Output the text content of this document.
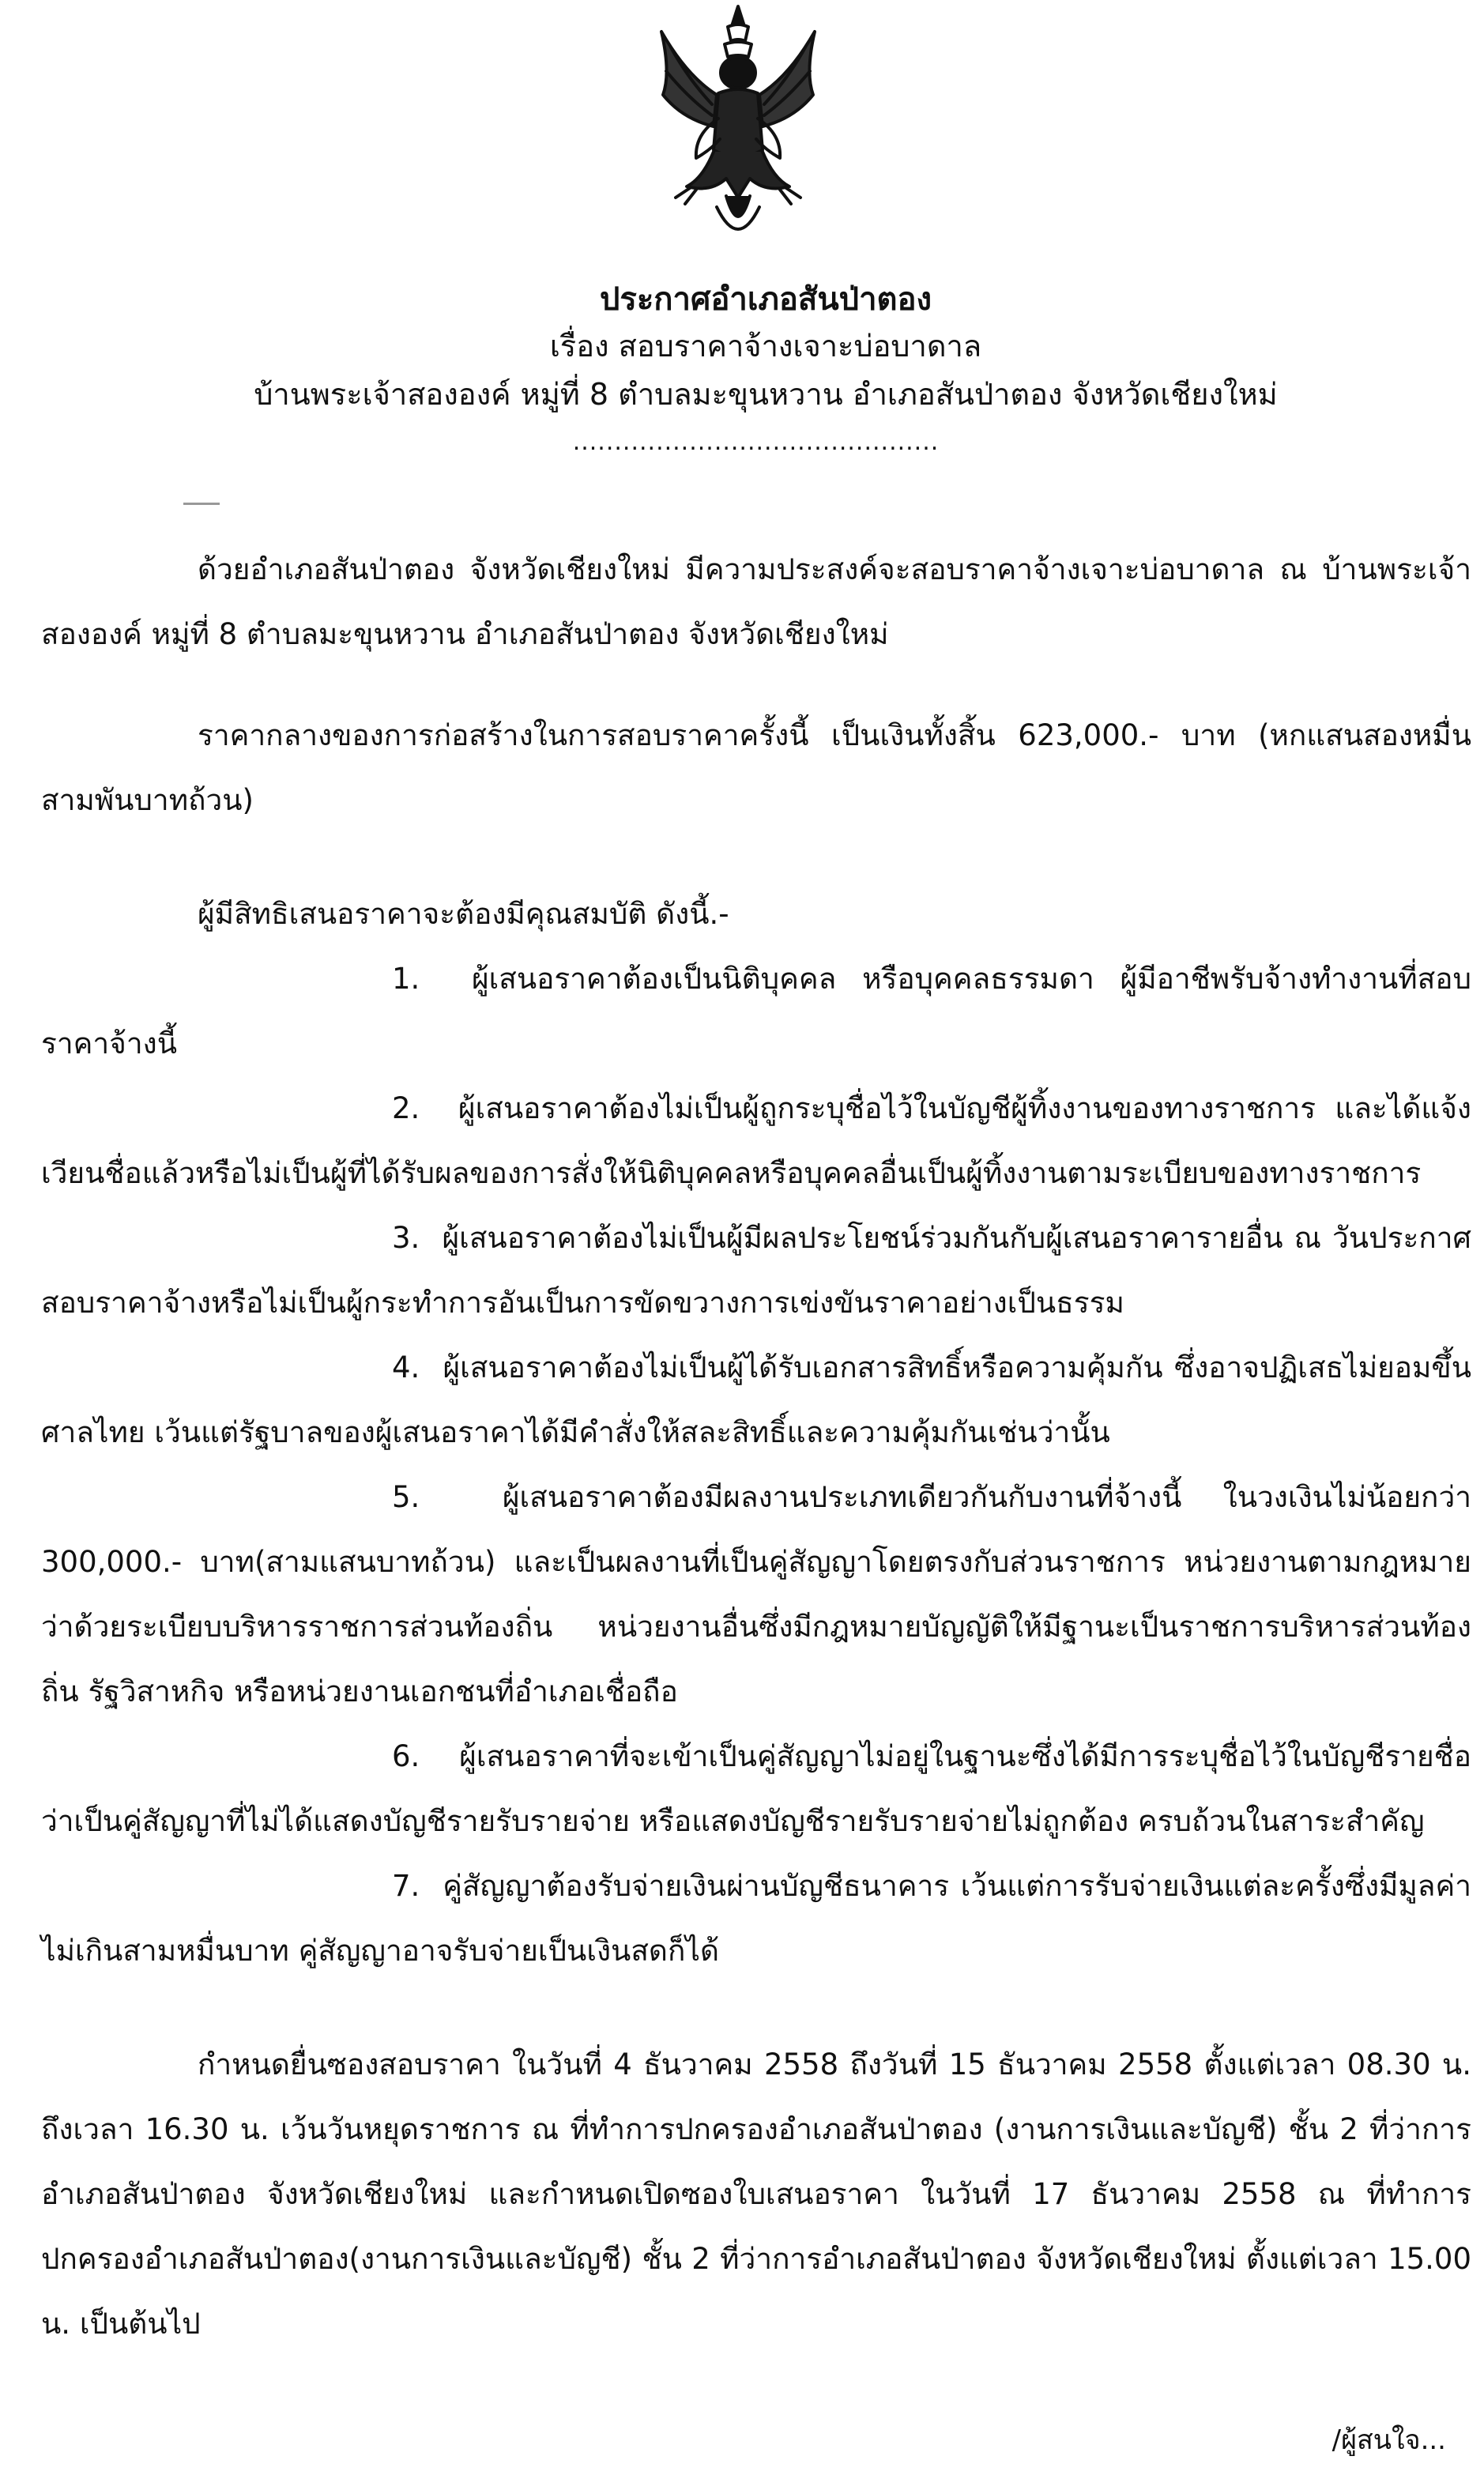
ประกาศอำเภอสันป่าตอง
เรื่อง สอบราคาจ้างเจาะบ่อบาดาล
บ้านพระเจ้าสององค์ หมู่ที่ 8 ตำบลมะขุนหวาน อำเภอสันป่าตอง จังหวัดเชียงใหม่
............................................

ด้วยอำเภอสันป่าตอง จังหวัดเชียงใหม่ มีความประสงค์จะสอบราคาจ้างเจาะบ่อบาดาล ณ บ้านพระเจ้าสององค์ หมู่ที่ 8 ตำบลมะขุนหวาน อำเภอสันป่าตอง จังหวัดเชียงใหม่

ราคากลางของการก่อสร้างในการสอบราคาครั้งนี้ เป็นเงินทั้งสิ้น 623,000.- บาท (หกแสนสองหมื่นสามพันบาทถ้วน)

ผู้มีสิทธิเสนอราคาจะต้องมีคุณสมบัติ ดังนี้.-

1. ผู้เสนอราคาต้องเป็นนิติบุคคล หรือบุคคลธรรมดา ผู้มีอาชีพรับจ้างทำงานที่สอบราคาจ้างนี้

2. ผู้เสนอราคาต้องไม่เป็นผู้ถูกระบุชื่อไว้ในบัญชีผู้ทิ้งงานของทางราชการ และได้แจ้งเวียนชื่อแล้วหรือไม่เป็นผู้ที่ได้รับผลของการสั่งให้นิติบุคคลหรือบุคคลอื่นเป็นผู้ทิ้งงานตามระเบียบของทางราชการ

3. ผู้เสนอราคาต้องไม่เป็นผู้มีผลประโยชน์ร่วมกันกับผู้เสนอราคารายอื่น ณ วันประกาศสอบราคาจ้างหรือไม่เป็นผู้กระทำการอันเป็นการขัดขวางการเข่งขันราคาอย่างเป็นธรรม

4. ผู้เสนอราคาต้องไม่เป็นผู้ได้รับเอกสารสิทธิ์หรือความคุ้มกัน ซึ่งอาจปฏิเสธไม่ยอมขึ้นศาลไทย เว้นแต่รัฐบาลของผู้เสนอราคาได้มีคำสั่งให้สละสิทธิ์และความคุ้มกันเช่นว่านั้น

5.	ผู้เสนอราคาต้องมีผลงานประเภทเดียวกันกับงานที่จ้างนี้ ในวงเงินไม่น้อยกว่า 300,000.- บาท(สามแสนบาทถ้วน) และเป็นผลงานที่เป็นคู่สัญญาโดยตรงกับส่วนราชการ หน่วยงานตามกฎหมายว่าด้วยระเบียบบริหารราชการส่วนท้องถิ่น หน่วยงานอื่นซึ่งมีกฎหมายบัญญัติให้มีฐานะเป็นราชการบริหารส่วนท้องถิ่น รัฐวิสาหกิจ หรือหน่วยงานเอกชนที่อำเภอเชื่อถือ

6. ผู้เสนอราคาที่จะเข้าเป็นคู่สัญญาไม่อยู่ในฐานะซึ่งได้มีการระบุชื่อไว้ในบัญชีรายชื่อว่าเป็นคู่สัญญาที่ไม่ได้แสดงบัญชีรายรับรายจ่าย หรือแสดงบัญชีรายรับรายจ่ายไม่ถูกต้อง ครบถ้วนในสาระสำคัญ

7. คู่สัญญาต้องรับจ่ายเงินผ่านบัญชีธนาคาร เว้นแต่การรับจ่ายเงินแต่ละครั้งซึ่งมีมูลค่าไม่เกินสามหมื่นบาท คู่สัญญาอาจรับจ่ายเป็นเงินสดก็ได้

กำหนดยื่นซองสอบราคา ในวันที่ 4 ธันวาคม 2558 ถึงวันที่ 15 ธันวาคม 2558 ตั้งแต่เวลา 08.30 น. ถึงเวลา 16.30 น. เว้นวันหยุดราชการ ณ ที่ทำการปกครองอำเภอสันป่าตอง (งานการเงินและบัญชี) ชั้น 2 ที่ว่าการอำเภอสันป่าตอง จังหวัดเชียงใหม่ และกำหนดเปิดซองใบเสนอราคา ในวันที่ 17 ธันวาคม 2558 ณ ที่ทำการปกครองอำเภอสันป่าตอง(งานการเงินและบัญชี) ชั้น 2 ที่ว่าการอำเภอสันป่าตอง จังหวัดเชียงใหม่ ตั้งแต่เวลา 15.00 น. เป็นต้นไป

/ผู้สนใจ...
